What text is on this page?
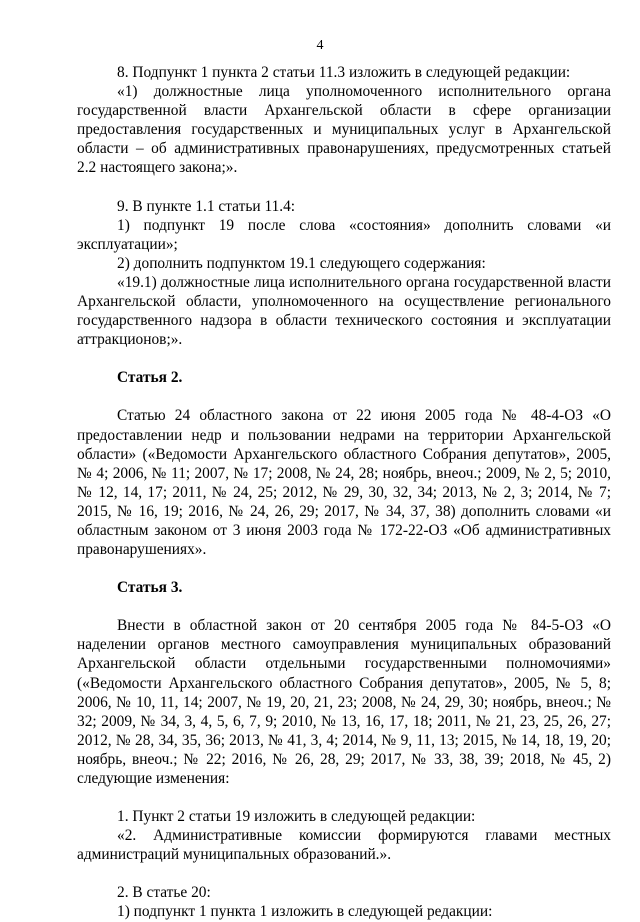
4

8. Подпункт 1 пункта 2 статьи 11.3 изложить в следующей редакции:

«1) должностные лица уполномоченного исполнительного органа государственной власти Архангельской области в сфере организации предоставления государственных и муниципальных услуг в Архангельской области – об административных правонарушениях, предусмотренных статьей 2.2 настоящего закона;».

9. В пункте 1.1 статьи 11.4:

1) подпункт 19 после слова «состояния» дополнить словами «и эксплуатации»;

2) дополнить подпунктом 19.1 следующего содержания:

«19.1) должностные лица исполнительного органа государственной власти Архангельской области, уполномоченного на осуществление регионального государственного надзора в области технического состояния и эксплуатации аттракционов;».

Статья 2.

Статью 24 областного закона от 22 июня 2005 года № 48-4-ОЗ «О предоставлении недр и пользовании недрами на территории Архангельской области» («Ведомости Архангельского областного Собрания депутатов», 2005, № 4; 2006, № 11; 2007, № 17; 2008, № 24, 28; ноябрь, внеоч.; 2009, № 2, 5; 2010, № 12, 14, 17; 2011, № 24, 25; 2012, № 29, 30, 32, 34; 2013, № 2, 3; 2014, № 7; 2015, № 16, 19; 2016, № 24, 26, 29; 2017, № 34, 37, 38) дополнить словами «и областным законом от 3 июня 2003 года № 172-22-ОЗ «Об административных правонарушениях».

Статья 3.

Внести в областной закон от 20 сентября 2005 года № 84-5-ОЗ «О наделении органов местного самоуправления муниципальных образований Архангельской области отдельными государственными полномочиями» («Ведомости Архангельского областного Собрания депутатов», 2005, № 5, 8; 2006, № 10, 11, 14; 2007, № 19, 20, 21, 23; 2008, № 24, 29, 30; ноябрь, внеоч.; № 32; 2009, № 34, 3, 4, 5, 6, 7, 9; 2010, № 13, 16, 17, 18; 2011, № 21, 23, 25, 26, 27; 2012, № 28, 34, 35, 36; 2013, № 41, 3, 4; 2014, № 9, 11, 13; 2015, № 14, 18, 19, 20; ноябрь, внеоч.; № 22; 2016, № 26, 28, 29; 2017, № 33, 38, 39; 2018, № 45, 2) следующие изменения:

1. Пункт 2 статьи 19 изложить в следующей редакции:

«2. Административные комиссии формируются главами местных администраций муниципальных образований.».

2. В статье 20:

1) подпункт 1 пункта 1 изложить в следующей редакции:
